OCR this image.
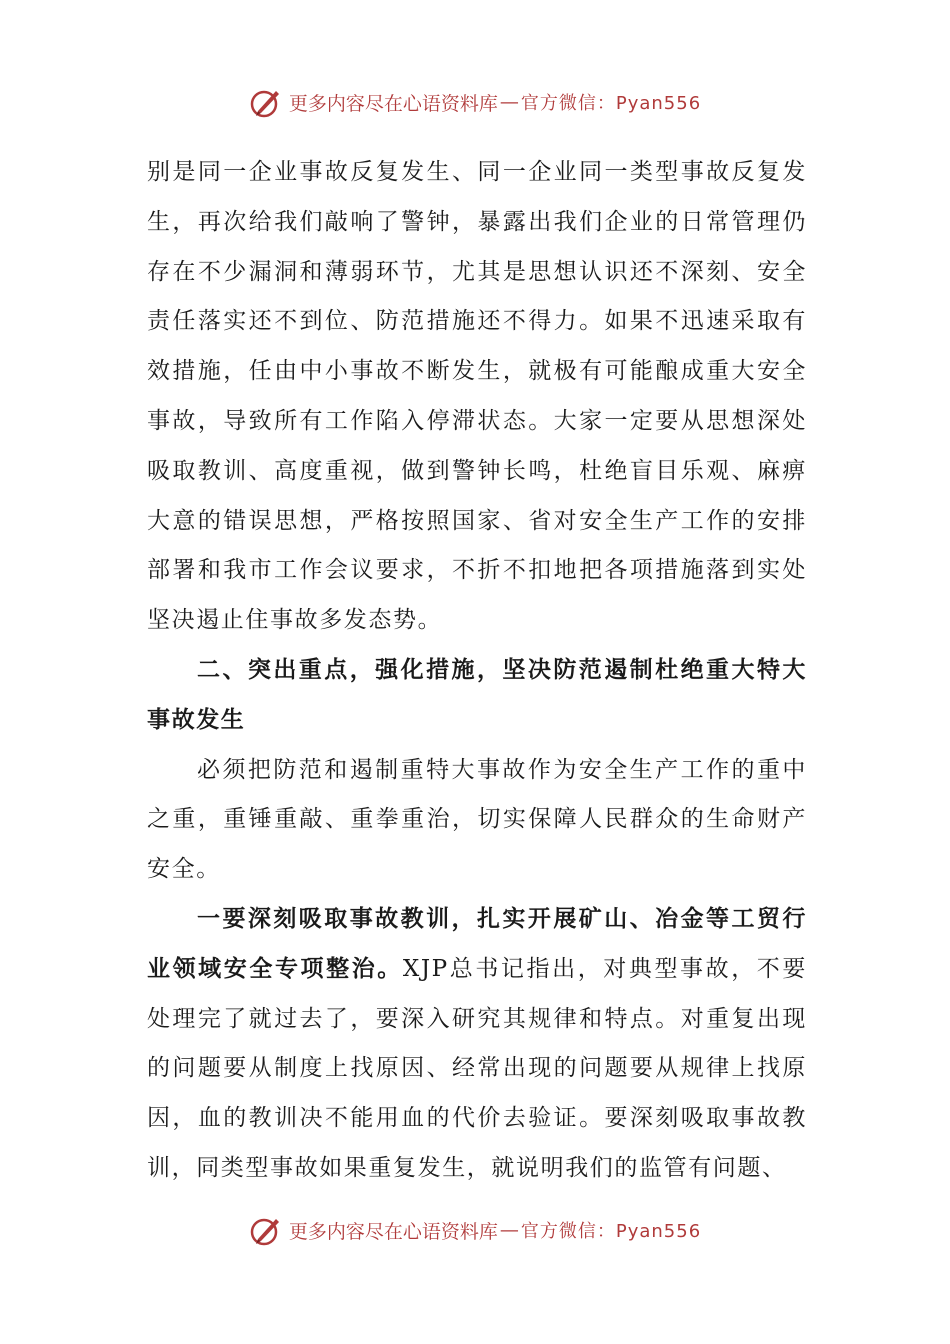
更多内容尽在心语资料库 — 官方微信：Pyan556

别是同一企业事故反复发生、同一企业同一类型事故反复发生，再次给我们敲响了警钟，暴露出我们企业的日常管理仍存在不少漏洞和薄弱环节，尤其是思想认识还不深刻、安全责任落实还不到位、防范措施还不得力。如果不迅速采取有效措施，任由中小事故不断发生，就极有可能酿成重大安全事故，导致所有工作陷入停滞状态。大家一定要从思想深处吸取教训、高度重视，做到警钟长鸣，杜绝盲目乐观、麻痹大意的错误思想，严格按照国家、省对安全生产工作的安排部署和我市工作会议要求，不折不扣地把各项措施落到实处坚决遏止住事故多发态势。

二、突出重点，强化措施，坚决防范遏制杜绝重大特大事故发生

必须把防范和遏制重特大事故作为安全生产工作的重中之重，重锤重敲、重拳重治，切实保障人民群众的生命财产安全。

一要深刻吸取事故教训，扎实开展矿山、冶金等工贸行业领域安全专项整治。XJP总书记指出，对典型事故，不要处理完了就过去了，要深入研究其规律和特点。对重复出现的问题要从制度上找原因、经常出现的问题要从规律上找原因，血的教训决不能用血的代价去验证。要深刻吸取事故教训，同类型事故如果重复发生，就说明我们的监管有问题、

更多内容尽在心语资料库 — 官方微信：Pyan556
